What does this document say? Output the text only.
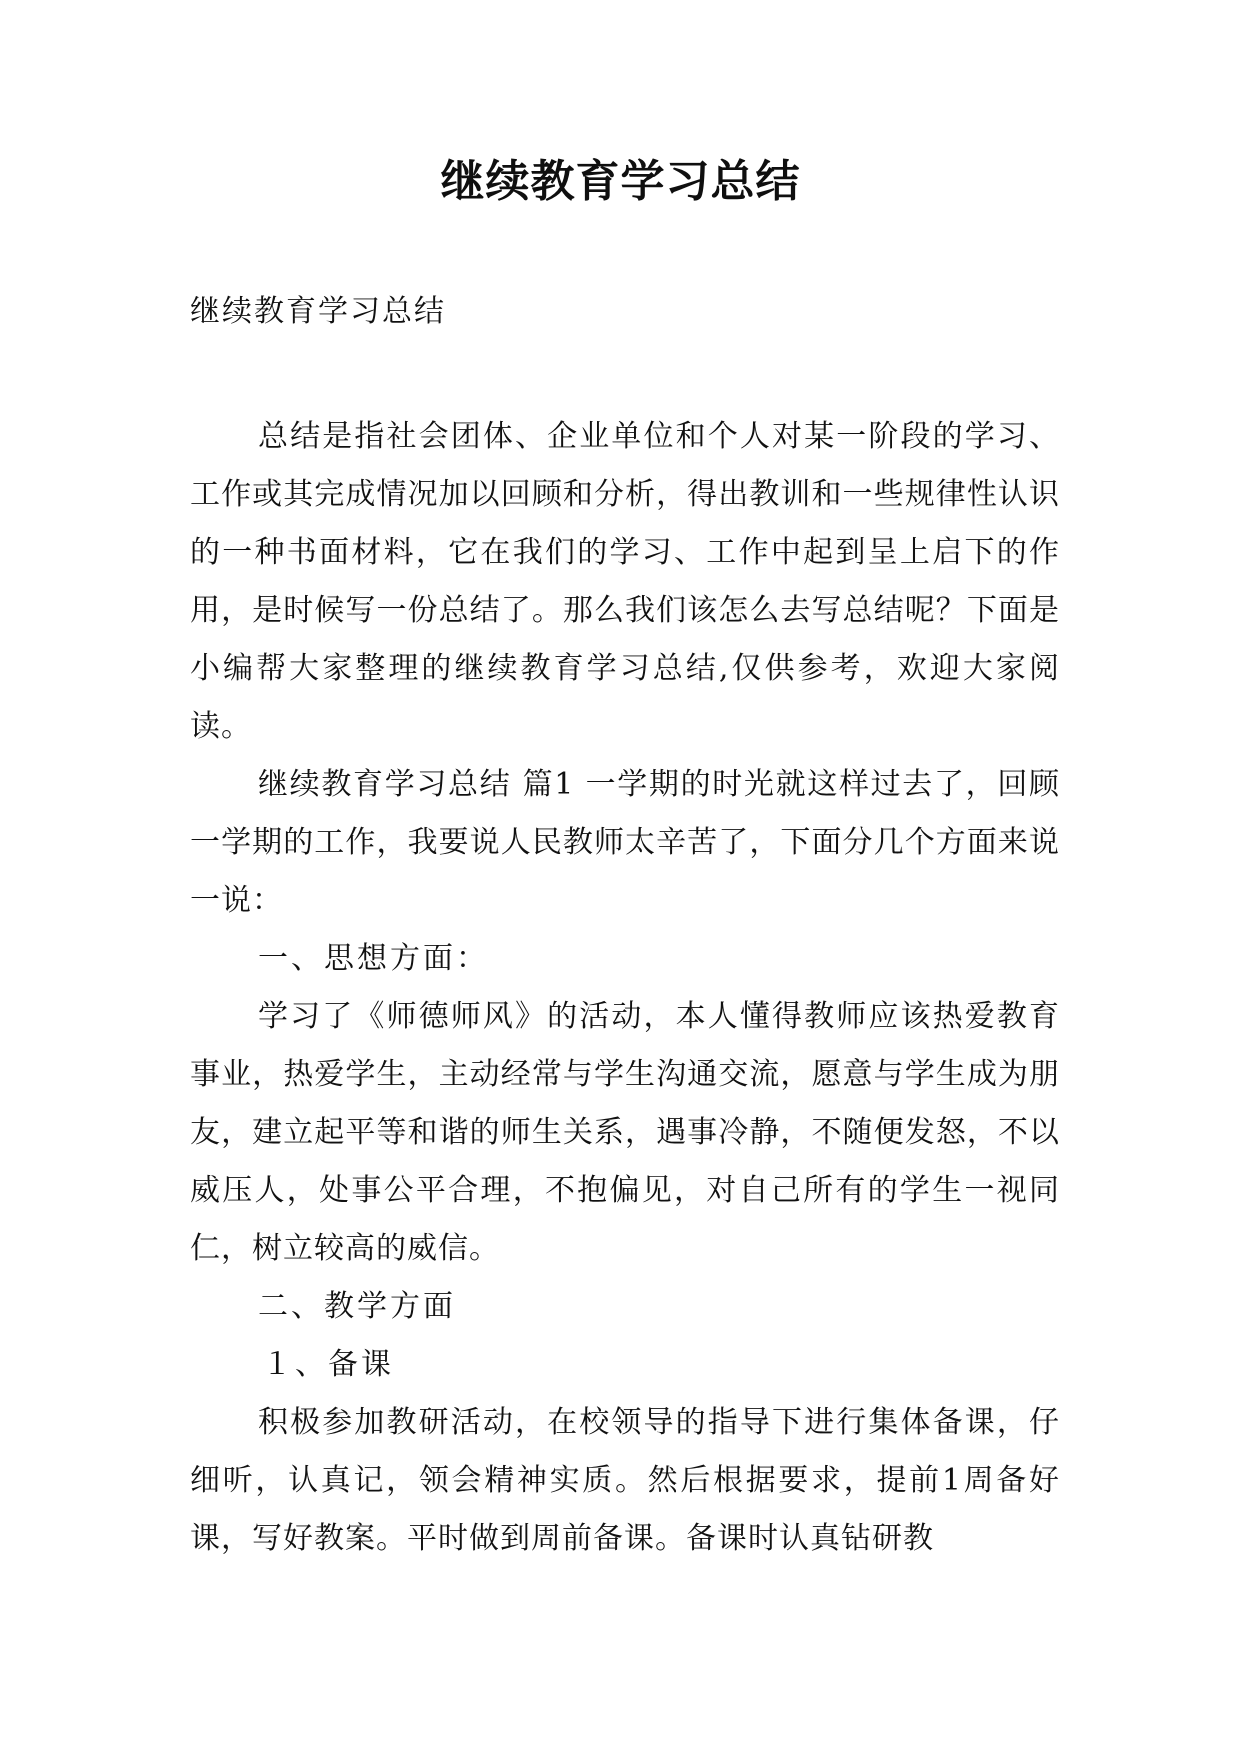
继续教育学习总结
继续教育学习总结

总结是指社会团体、企业单位和个人对某一阶段的学习、工作或其完成情况加以回顾和分析，得出教训和一些规律性认识的一种书面材料，它在我们的学习、工作中起到呈上启下的作用，是时候写一份总结了。那么我们该怎么去写总结呢？下面是小编帮大家整理的继续教育学习总结,仅供参考，欢迎大家阅读。

继续教育学习总结 篇1 一学期的时光就这样过去了，回顾一学期的工作，我要说人民教师太辛苦了，下面分几个方面来说一说：

一、思想方面：

学习了《师德师风》的活动，本人懂得教师应该热爱教育事业，热爱学生，主动经常与学生沟通交流，愿意与学生成为朋友，建立起平等和谐的师生关系，遇事冷静，不随便发怒，不以威压人，处事公平合理，不抱偏见，对自己所有的学生一视同仁，树立较高的威信。

二、教学方面

１、备课

积极参加教研活动，在校领导的指导下进行集体备课，仔细听，认真记，领会精神实质。然后根据要求，提前1周备好课，写好教案。平时做到周前备课。备课时认真钻研教
